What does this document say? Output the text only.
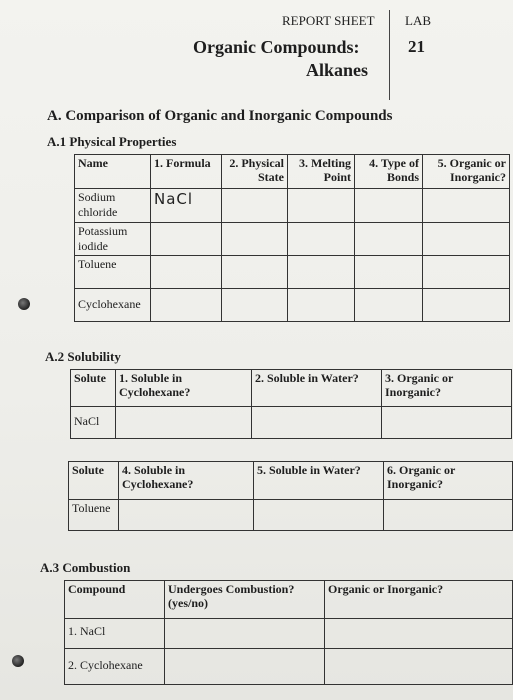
REPORT SHEET LAB
21
Organic Compounds:
Alkanes
A. Comparison of Organic and Inorganic Compounds
A.1 Physical Properties
Name	1. Formula	2. Physical State	3. Melting Point	4. Type of Bonds	5. Organic or Inorganic?
Sodium chloride	NaCl				
Potassium iodide					
Toluene					
Cyclohexane					
A.2 Solubility
Solute	1. Soluble in Cyclohexane?	2. Soluble in Water?	3. Organic or Inorganic?
NaCl			
Solute	4. Soluble in Cyclohexane?	5. Soluble in Water?	6. Organic or Inorganic?
Toluene			
A.3 Combustion
Compound	Undergoes Combustion? (yes/no)	Organic or Inorganic?
1. NaCl		
2. Cyclohexane		
